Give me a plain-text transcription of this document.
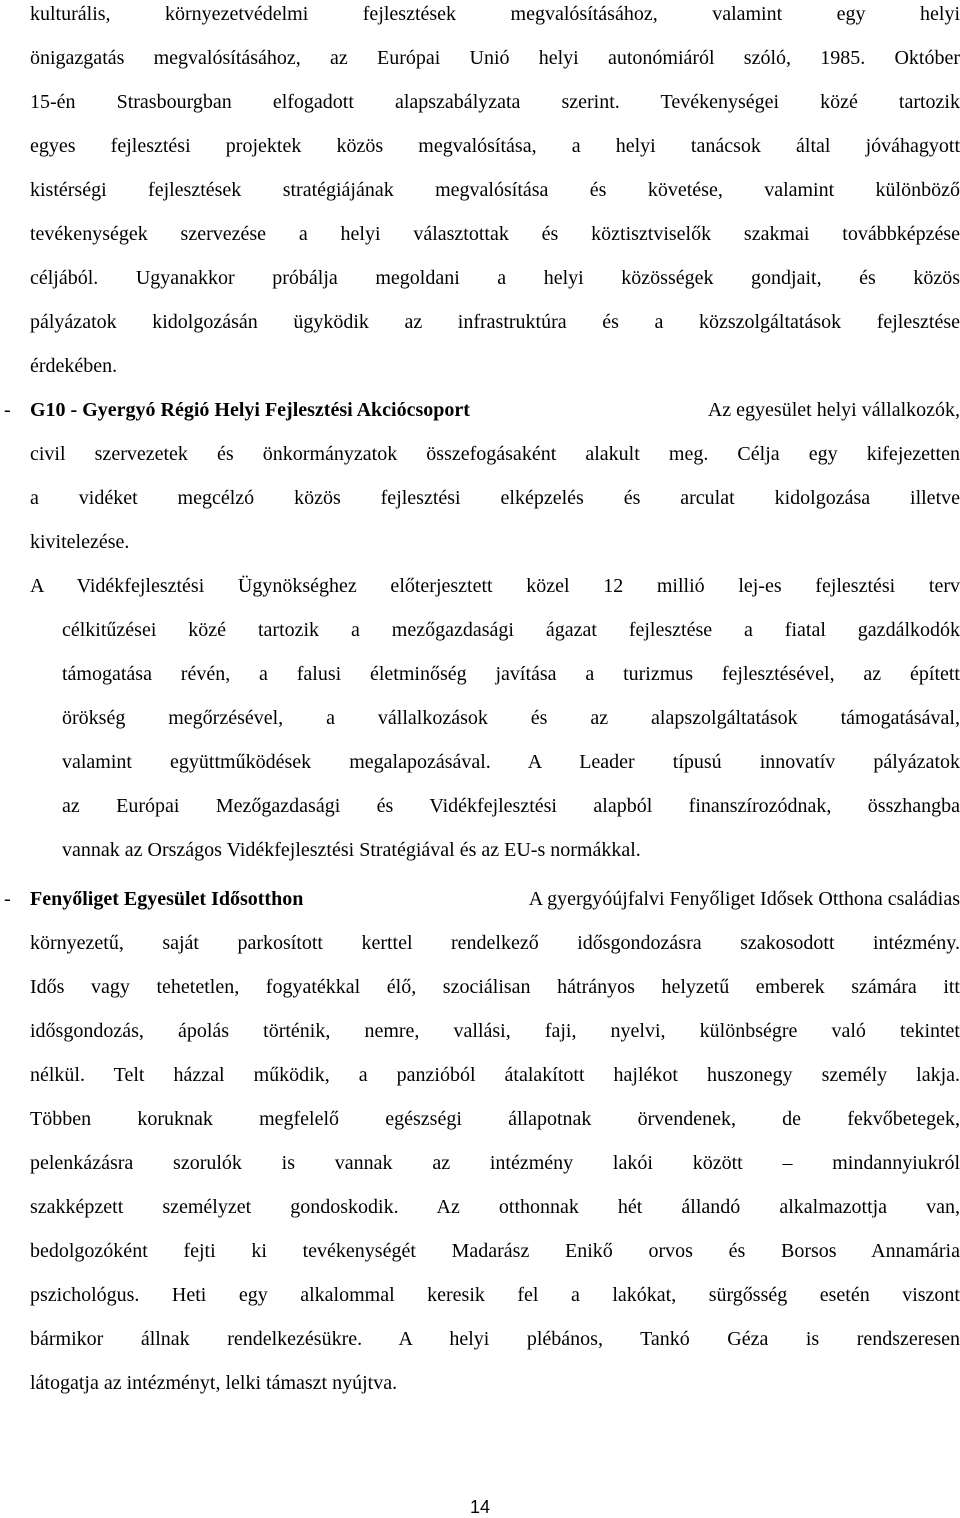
kulturális, környezetvédelmi fejlesztések megvalósításához, valamint egy helyi
önigazgatás megvalósításához, az Európai Unió helyi autonómiáról szóló, 1985. Október
15-én Strasbourgban elfogadott alapszabályzata szerint. Tevékenységei közé tartozik
egyes fejlesztési projektek közös megvalósítása, a helyi tanácsok által jóváhagyott
kistérségi fejlesztések stratégiájának megvalósítása és követése, valamint különböző
tevékenységek szervezése a helyi választottak és köztisztviselők szakmai továbbképzése
céljából. Ugyanakkor próbálja megoldani a helyi közösségek gondjait, és közös
pályázatok kidolgozásán ügyködik az infrastruktúra és a közszolgáltatások fejlesztése
érdekében.
- G10 - Gyergyó Régió Helyi Fejlesztési Akciócsoport	Az egyesület helyi vállalkozók,
civil szervezetek és önkormányzatok összefogásaként alakult meg. Célja egy kifejezetten
a vidéket megcélzó közös fejlesztési elképzelés és arculat kidolgozása illetve
kivitelezése.
A Vidékfejlesztési Ügynökséghez előterjesztett közel 12 millió lej-es fejlesztési terv
célkitűzései közé tartozik a mezőgazdasági ágazat fejlesztése a fiatal gazdálkodók
támogatása révén, a falusi életminőség javítása a turizmus fejlesztésével, az épített
örökség megőrzésével, a vállalkozások és az alapszolgáltatások támogatásával,
valamint együttműködések megalapozásával. A Leader típusú innovatív pályázatok
az Európai Mezőgazdasági és Vidékfejlesztési alapból finanszírozódnak, összhangba
vannak az Országos Vidékfejlesztési Stratégiával és az EU-s normákkal.
- Fenyőliget Egyesület Idősotthon	A gyergyóújfalvi Fenyőliget Idősek Otthona családias
környezetű, saját parkosított kerttel rendelkező idősgondozásra szakosodott intézmény.
Idős vagy tehetetlen, fogyatékkal élő, szociálisan hátrányos helyzetű emberek számára itt
idősgondozás, ápolás történik, nemre, vallási, faji, nyelvi, különbségre való tekintet
nélkül. Telt házzal működik, a panzióból átalakított hajlékot huszonegy személy lakja.
Többen koruknak megfelelő egészségi állapotnak örvendenek, de fekvőbetegek,
pelenkázásra szorulók is vannak az intézmény lakói között – mindannyiukról
szakképzett személyzet gondoskodik. Az otthonnak hét állandó alkalmazottja van,
bedolgozóként fejti ki tevékenységét Madarász Enikő orvos és Borsos Annamária
pszichológus. Heti egy alkalommal keresik fel a lakókat, sürgősség esetén viszont
bármikor állnak rendelkezésükre. A helyi plébános, Tankó Géza is rendszeresen
látogatja az intézményt, lelki támaszt nyújtva.
14
